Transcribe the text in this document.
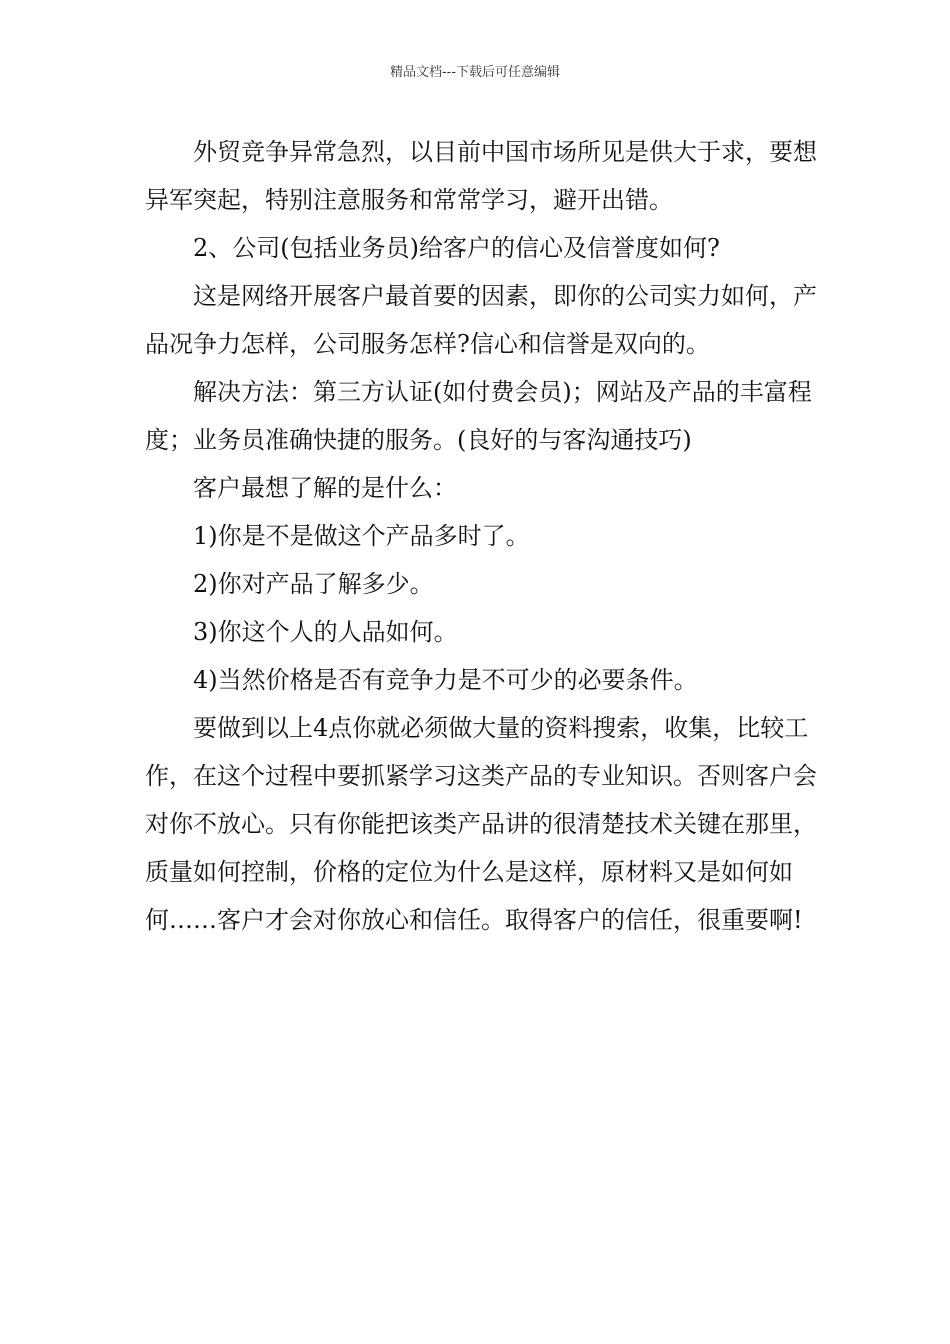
精品文档---下载后可任意编辑

外贸竞争异常急烈，以目前中国市场所见是供大于求，要想异军突起，特别注意服务和常常学习，避开出错。

2、公司(包括业务员)给客户的信心及信誉度如何?

这是网络开展客户最首要的因素，即你的公司实力如何，产品况争力怎样，公司服务怎样?信心和信誉是双向的。

解决方法：第三方认证(如付费会员)；网站及产品的丰富程度；业务员准确快捷的服务。(良好的与客沟通技巧)

客户最想了解的是什么：

1)你是不是做这个产品多时了。

2)你对产品了解多少。

3)你这个人的人品如何。

4)当然价格是否有竞争力是不可少的必要条件。

要做到以上4点你就必须做大量的资料搜索，收集，比较工作，在这个过程中要抓紧学习这类产品的专业知识。否则客户会对你不放心。只有你能把该类产品讲的很清楚技术关键在那里，质量如何控制，价格的定位为什么是这样，原材料又是如何如何……客户才会对你放心和信任。取得客户的信任，很重要啊!
